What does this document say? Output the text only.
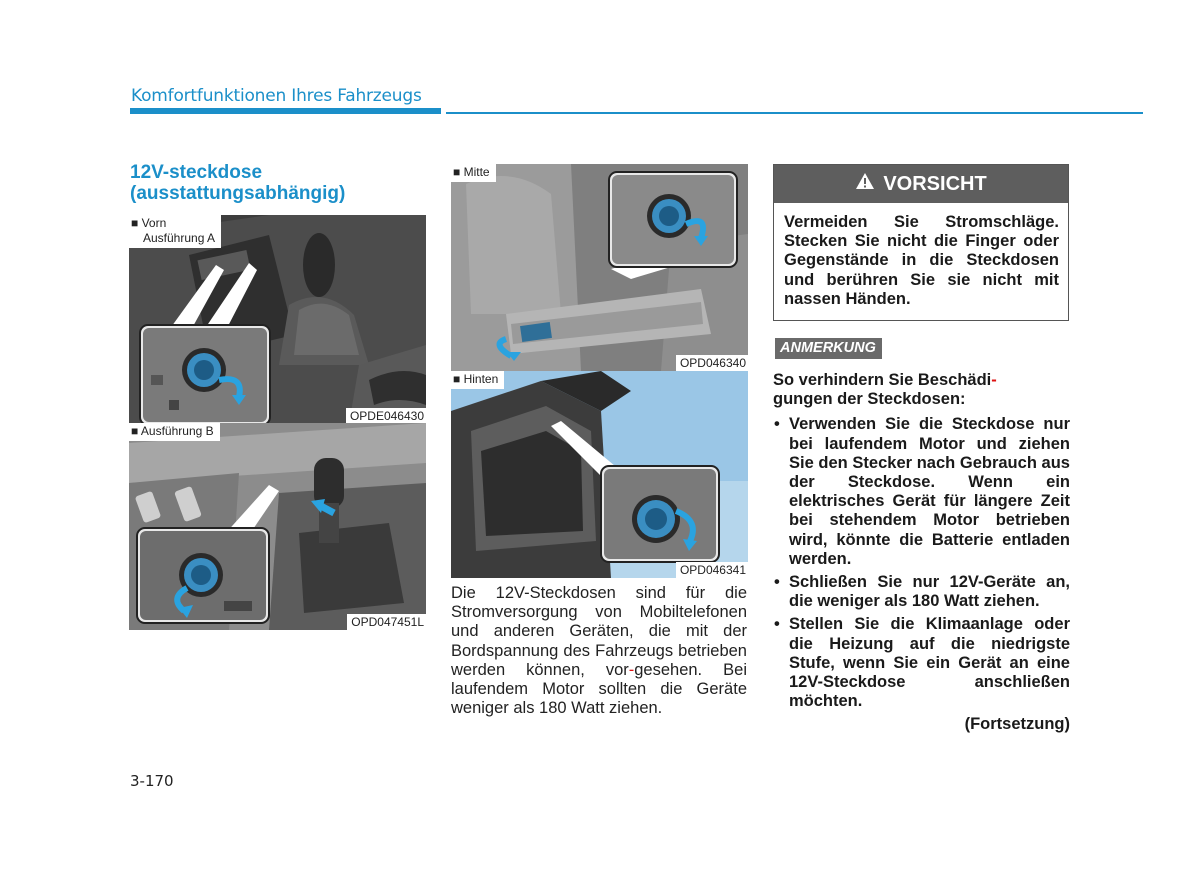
Komfortfunktionen Ihres Fahrzeugs
12V-steckdose
(ausstattungsabhängig)
■ Vorn
Ausführung A
OPDE046430
■ Ausführung B
OPD047451L
■ Mitte
OPD046340
■ Hinten
OPD046341
Die 12V-Steckdosen sind für die Stromversorgung von Mobiltelefonen und anderen Geräten, die mit der Bordspannung des Fahrzeugs betrieben werden können, vor-gesehen. Bei laufendem Motor sollten die Geräte weniger als 180 Watt ziehen.
VORSICHT
Vermeiden Sie Stromschläge. Stecken Sie nicht die Finger oder Gegenstände in die Steckdosen und berühren Sie sie nicht mit nassen Händen.
ANMERKUNG

So verhindern Sie Beschädi-
gungen der Steckdosen:

• Verwenden Sie die Steckdose nur bei laufendem Motor und ziehen Sie den Stecker nach Gebrauch aus der Steckdose. Wenn ein elektrisches Gerät für längere Zeit bei stehendem Motor betrieben wird, könnte die Batterie entladen werden.
• Schließen Sie nur 12V-Geräte an, die weniger als 180 Watt ziehen.
• Stellen Sie die Klimaanlage oder die Heizung auf die niedrigste Stufe, wenn Sie ein Gerät an eine 12V-Steckdose anschließen möchten.

(Fortsetzung)

3-170
